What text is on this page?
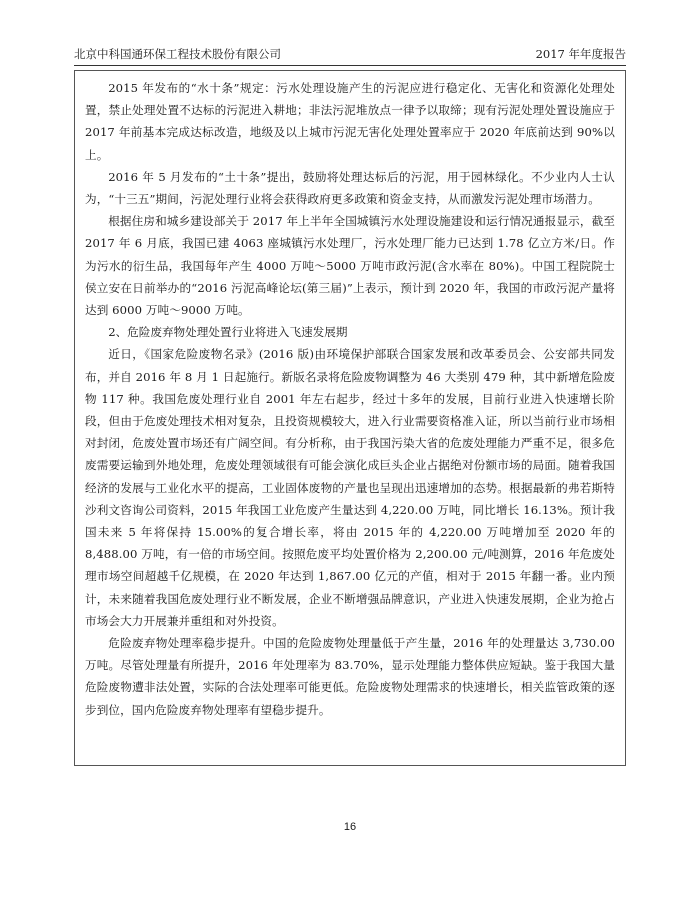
北京中科国通环保工程技术股份有限公司	2017 年年度报告

2015 年发布的“水十条”规定：污水处理设施产生的污泥应进行稳定化、无害化和资源化处理处置，禁止处理处置不达标的污泥进入耕地；非法污泥堆放点一律予以取缔；现有污泥处理处置设施应于 2017 年前基本完成达标改造，地级及以上城市污泥无害化处理处置率应于 2020 年底前达到 90%以上。

2016 年 5 月发布的“土十条”提出，鼓励将处理达标后的污泥，用于园林绿化。不少业内人士认为，“十三五”期间，污泥处理行业将会获得政府更多政策和资金支持，从而激发污泥处理市场潜力。

根据住房和城乡建设部关于 2017 年上半年全国城镇污水处理设施建设和运行情况通报显示，截至 2017 年 6 月底，我国已建 4063 座城镇污水处理厂，污水处理厂能力已达到 1.78 亿立方米/日。作为污水的衍生品，我国每年产生 4000 万吨～5000 万吨市政污泥(含水率在 80%)。中国工程院院士侯立安在日前举办的“2016 污泥高峰论坛(第三届)”上表示，预计到 2020 年，我国的市政污泥产量将达到 6000 万吨～9000 万吨。

2、危险废弃物处理处置行业将进入飞速发展期

近日，《国家危险废物名录》(2016 版)由环境保护部联合国家发展和改革委员会、公安部共同发布，并自 2016 年 8 月 1 日起施行。新版名录将危险废物调整为 46 大类别 479 种，其中新增危险废物 117 种。我国危废处理行业自 2001 年左右起步，经过十多年的发展，目前行业进入快速增长阶段，但由于危废处理技术相对复杂，且投资规模较大，进入行业需要资格准入证，所以当前行业市场相对封闭，危废处置市场还有广阔空间。有分析称，由于我国污染大省的危废处理能力严重不足，很多危废需要运输到外地处理，危废处理领域很有可能会演化成巨头企业占据绝对份额市场的局面。随着我国经济的发展与工业化水平的提高，工业固体废物的产量也呈现出迅速增加的态势。根据最新的弗若斯特沙利文咨询公司资料，2015 年我国工业危废产生量达到 4,220.00 万吨，同比增长 16.13%。预计我国未来 5 年将保持 15.00%的复合增长率，将由 2015 年的 4,220.00 万吨增加至 2020 年的 8,488.00 万吨，有一倍的市场空间。按照危废平均处置价格为 2,200.00 元/吨测算，2016 年危废处理市场空间超越千亿规模，在 2020 年达到 1,867.00 亿元的产值，相对于 2015 年翻一番。业内预计，未来随着我国危废处理行业不断发展，企业不断增强品牌意识，产业进入快速发展期，企业为抢占市场会大力开展兼并重组和对外投资。

危险废弃物处理率稳步提升。中国的危险废物处理量低于产生量，2016 年的处理量达 3,730.00 万吨。尽管处理量有所提升，2016 年处理率为 83.70%，显示处理能力整体供应短缺。鉴于我国大量危险废物遭非法处置，实际的合法处理率可能更低。危险废物处理需求的快速增长，相关监管政策的逐步到位，国内危险废弃物处理率有望稳步提升。

16
